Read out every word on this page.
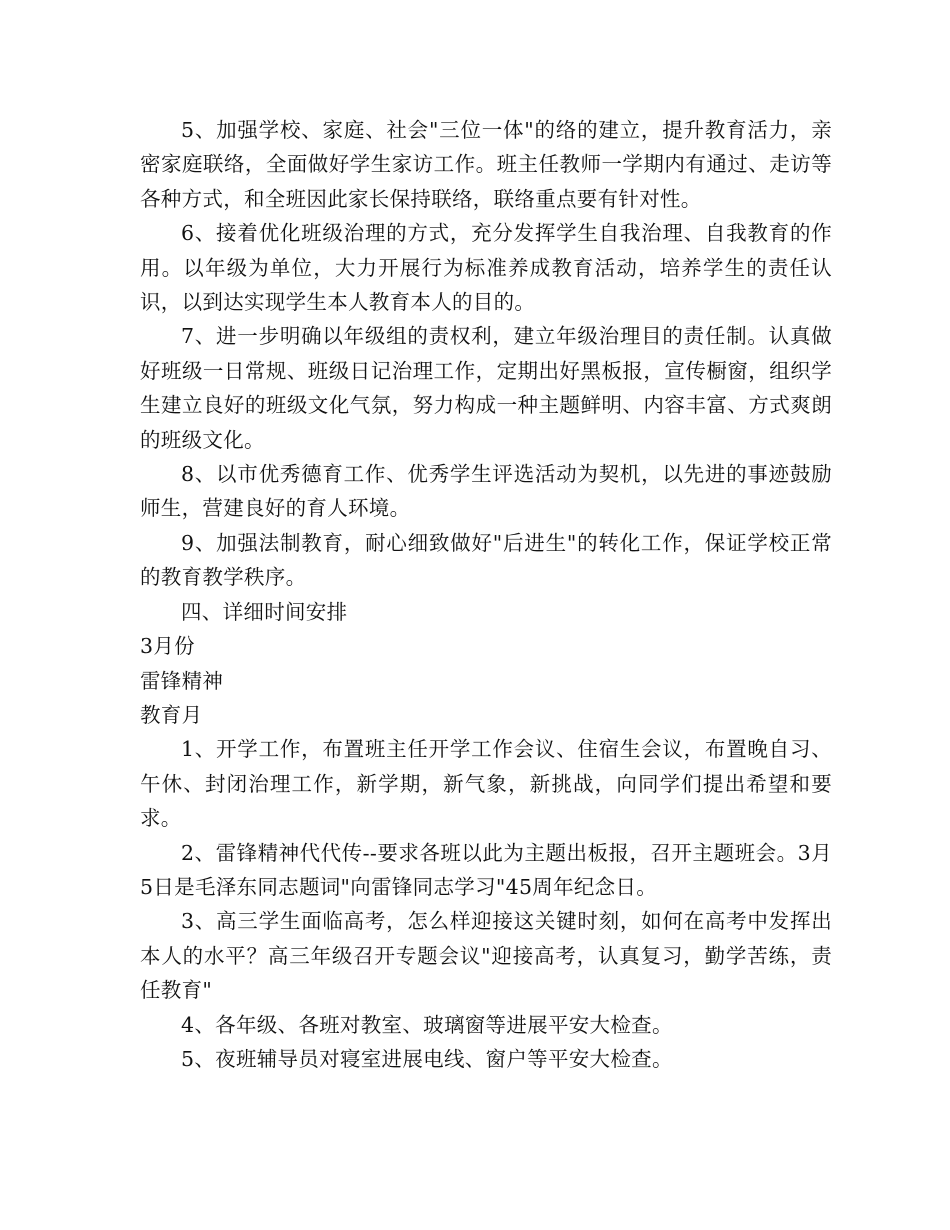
5、加强学校、家庭、社会"三位一体"的络的建立，提升教育活力，亲密家庭联络，全面做好学生家访工作。班主任教师一学期内有通过、走访等各种方式，和全班因此家长保持联络，联络重点要有针对性。

6、接着优化班级治理的方式，充分发挥学生自我治理、自我教育的作用。以年级为单位，大力开展行为标准养成教育活动，培养学生的责任认识，以到达实现学生本人教育本人的目的。

7、进一步明确以年级组的责权利，建立年级治理目的责任制。认真做好班级一日常规、班级日记治理工作，定期出好黑板报，宣传橱窗，组织学生建立良好的班级文化气氛，努力构成一种主题鲜明、内容丰富、方式爽朗的班级文化。

8、以市优秀德育工作、优秀学生评选活动为契机，以先进的事迹鼓励师生，营建良好的育人环境。

9、加强法制教育，耐心细致做好"后进生"的转化工作，保证学校正常的教育教学秩序。

四、详细时间安排

3月份

雷锋精神

教育月

1、开学工作，布置班主任开学工作会议、住宿生会议，布置晚自习、午休、封闭治理工作，新学期，新气象，新挑战，向同学们提出希望和要求。

2、雷锋精神代代传--要求各班以此为主题出板报，召开主题班会。3月5日是毛泽东同志题词"向雷锋同志学习"45周年纪念日。

3、高三学生面临高考，怎么样迎接这关键时刻，如何在高考中发挥出本人的水平？高三年级召开专题会议"迎接高考，认真复习，勤学苦练，责任教育"

4、各年级、各班对教室、玻璃窗等进展平安大检查。

5、夜班辅导员对寝室进展电线、窗户等平安大检查。
